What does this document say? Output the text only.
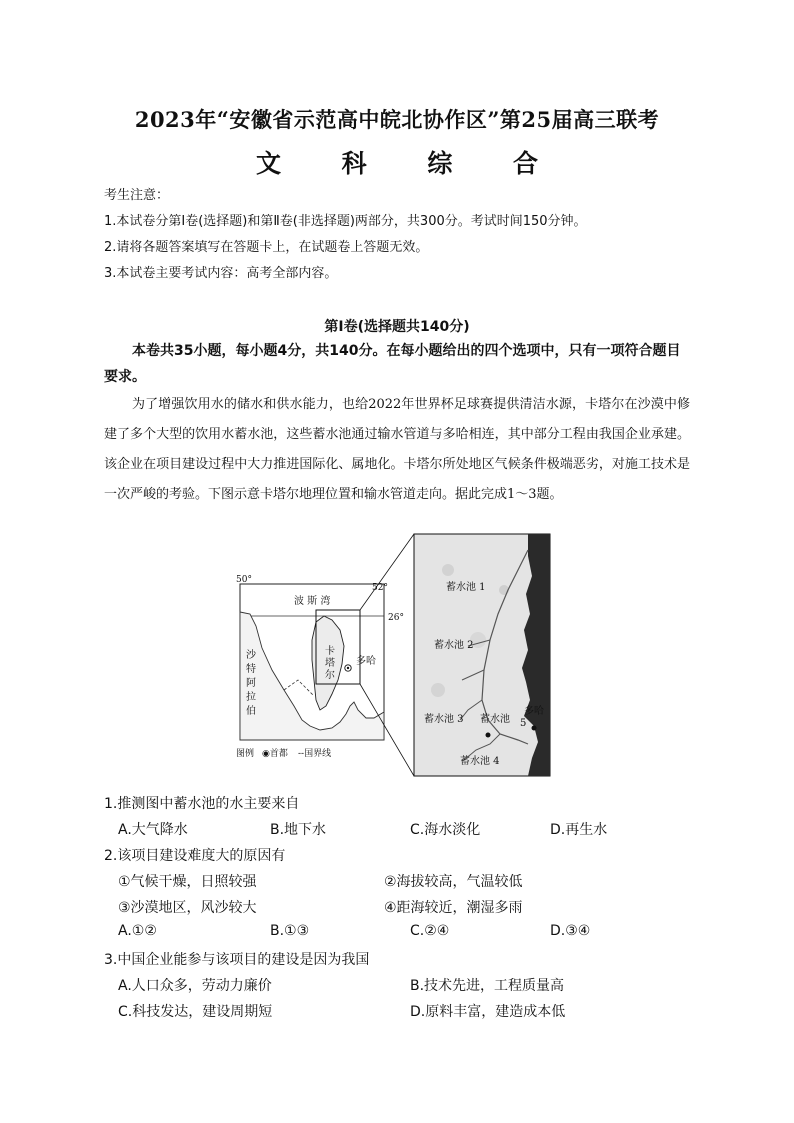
2023年“安徽省示范高中皖北协作区”第25届高三联考
文 科 综 合
考生注意：
1.本试卷分第Ⅰ卷(选择题)和第Ⅱ卷(非选择题)两部分，共300分。考试时间150分钟。
2.请将各题答案填写在答题卡上，在试题卷上答题无效。
3.本试卷主要考试内容：高考全部内容。
第Ⅰ卷(选择题共140分)
本卷共35小题，每小题4分，共140分。在每小题给出的四个选项中，只有一项符合题目要求。
为了增强饮用水的储水和供水能力，也给2022年世界杯足球赛提供清洁水源，卡塔尔在沙漠中修建了多个大型的饮用水蓄水池，这些蓄水池通过输水管道与多哈相连，其中部分工程由我国企业承建。该企业在项目建设过程中大力推进国际化、属地化。卡塔尔所处地区气候条件极端恶劣，对施工技术是一次严峻的考验。下图示意卡塔尔地理位置和输水管道走向。据此完成1～3题。
50°
52°
26°
波 斯 湾
沙
特
阿
拉
伯
卡
塔
尔
多哈
图例 ◉首都 --国界线
蓄水池 1
蓄水池 2
蓄水池 3 蓄水池 5
蓄水池 4
多哈
1.推测图中蓄水池的水主要来自
A.大气降水	B.地下水	C.海水淡化	D.再生水
2.该项目建设难度大的原因有
①气候干燥，日照较强	②海拔较高，气温较低
③沙漠地区，风沙较大	④距海较近，潮湿多雨
A.①②	B.①③	C.②④	D.③④
3.中国企业能参与该项目的建设是因为我国
A.人口众多，劳动力廉价	B.技术先进，工程质量高
C.科技发达，建设周期短	D.原料丰富，建造成本低
